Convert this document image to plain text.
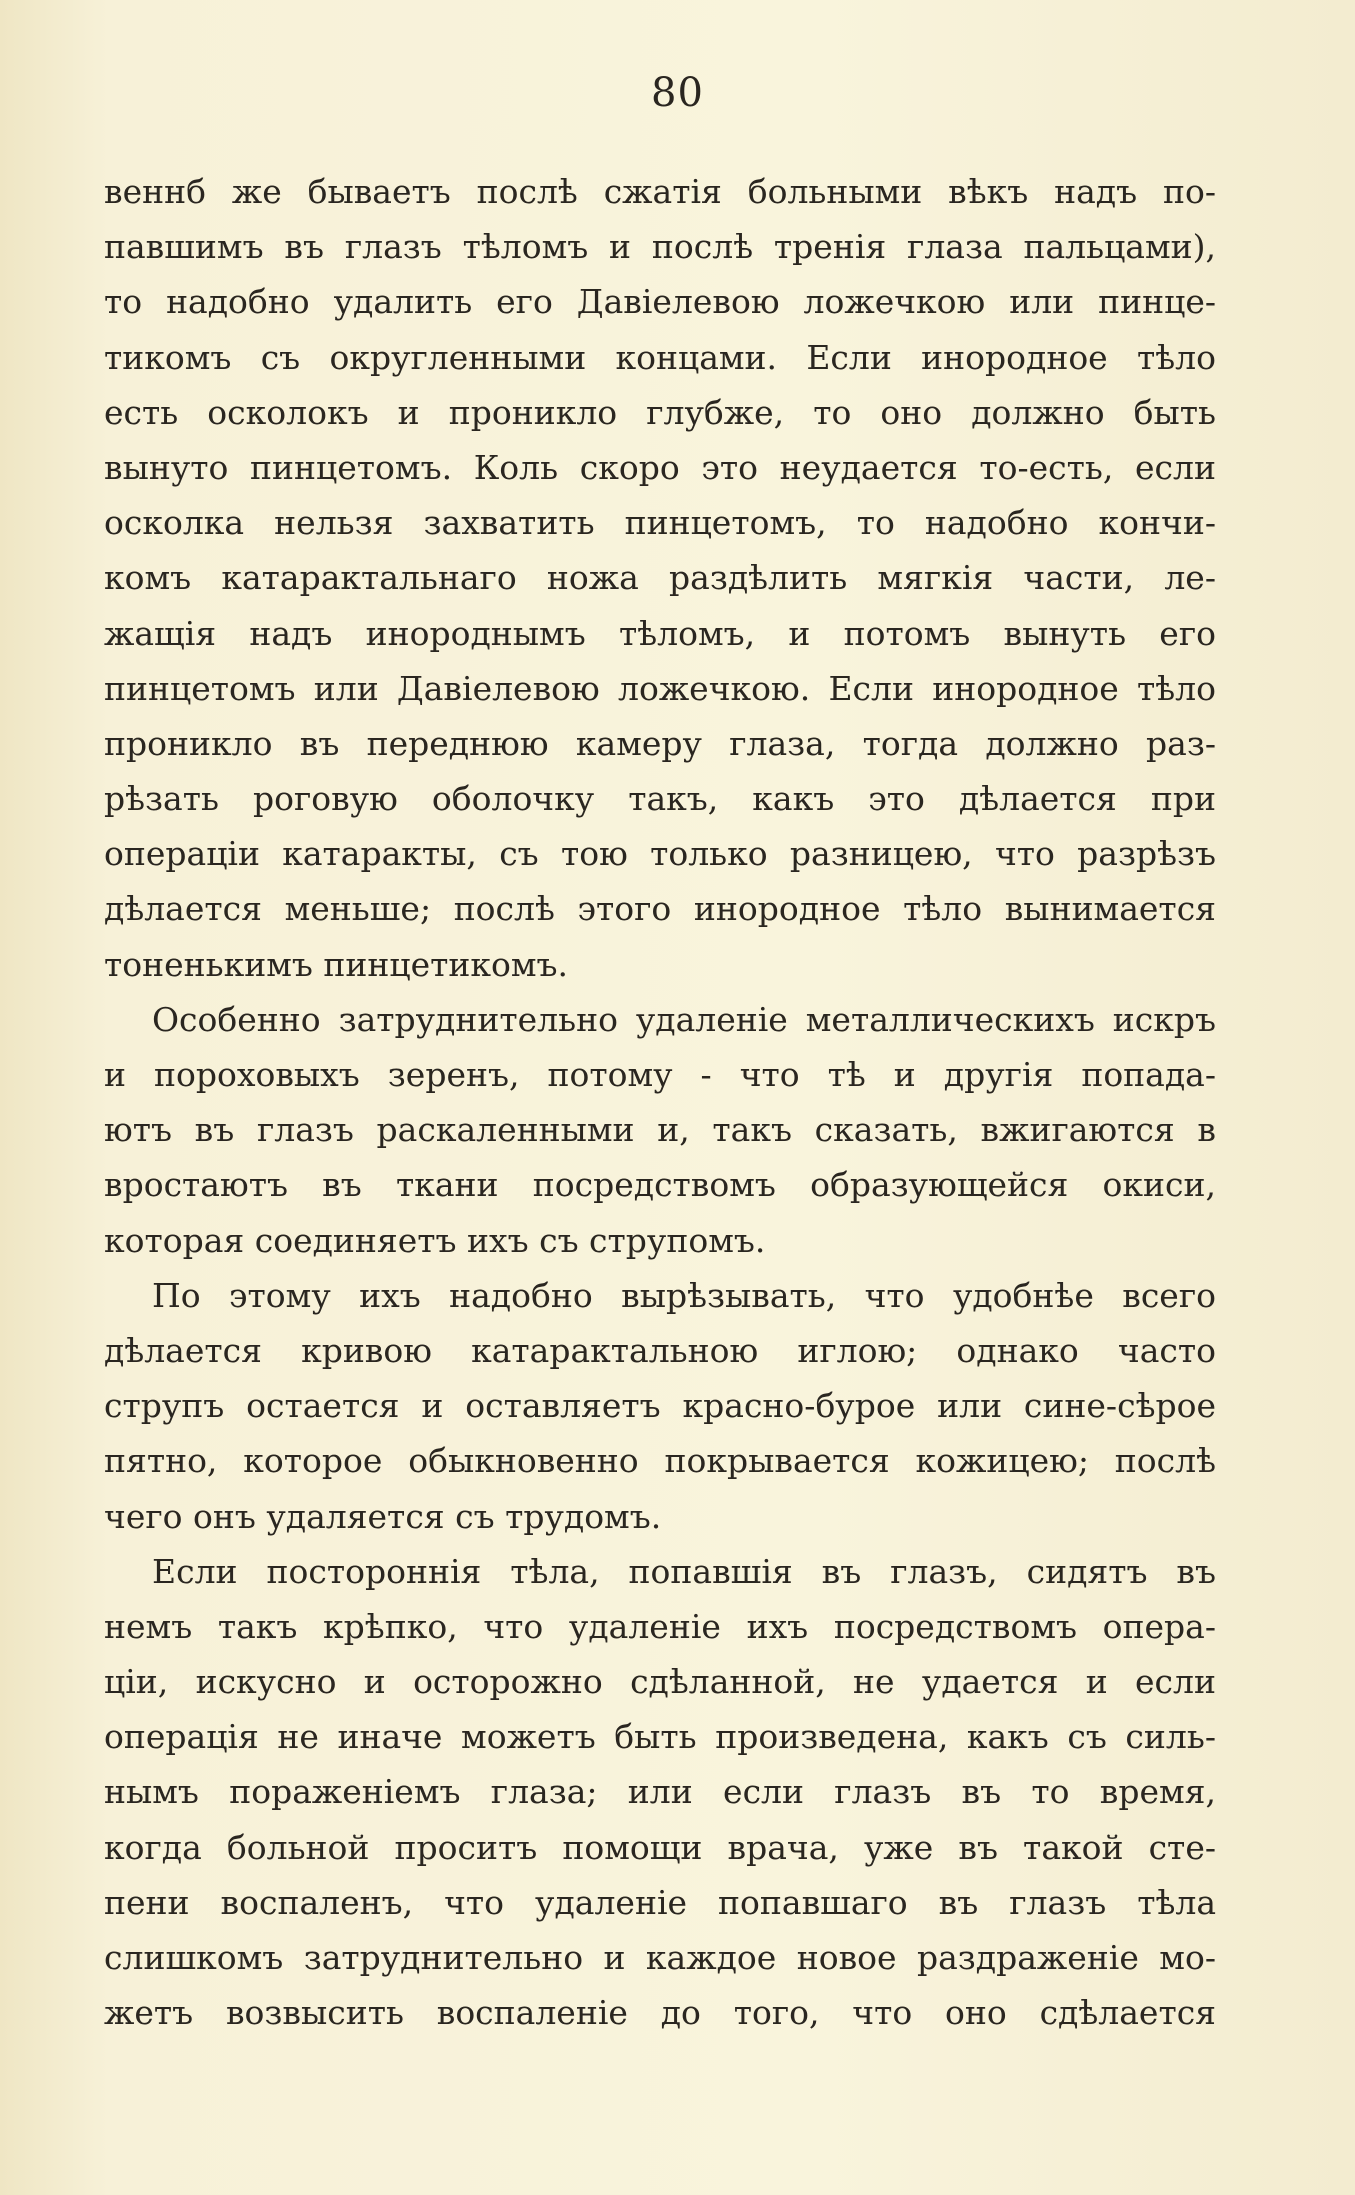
80
веннб же бываетъ послѣ сжатія больными вѣкъ надъ по-
павшимъ въ глазъ тѣломъ и послѣ тренія глаза пальцами),
то надобно удалить его Давіелевою ложечкою или пинце-
тикомъ съ округленными концами. Если инородное тѣло
есть осколокъ и проникло глубже, то оно должно быть
вынуто пинцетомъ. Коль скоро это неудается то-есть, если
осколка нельзя захватить пинцетомъ, то надобно кончи-
комъ катарактальнаго ножа раздѣлить мягкія части, ле-
жащія надъ инороднымъ тѣломъ, и потомъ вынуть его
пинцетомъ или Давіелевою ложечкою. Если инородное тѣло
проникло въ переднюю камеру глаза, тогда должно раз-
рѣзать роговую оболочку такъ, какъ это дѣлается при
операціи катаракты, съ тою только разницею, что разрѣзъ
дѣлается меньше; послѣ этого инородное тѣло вынимается
тоненькимъ пинцетикомъ.
Особенно затруднительно удаленіе металлическихъ искръ
и пороховыхъ зеренъ, потому - что тѣ и другія попада-
ютъ въ глазъ раскаленными и, такъ сказать, вжигаются в
вростаютъ въ ткани посредствомъ образующейся окиси,
которая соединяетъ ихъ съ струпомъ.
По этому ихъ надобно вырѣзывать, что удобнѣе всего
дѣлается кривою катарактальною иглою; однако часто
струпъ остается и оставляетъ красно-бурое или сине-сѣрое
пятно, которое обыкновенно покрывается кожицею; послѣ
чего онъ удаляется съ трудомъ.
Если постороннія тѣла, попавшія въ глазъ, сидятъ въ
немъ такъ крѣпко, что удаленіе ихъ посредствомъ опера-
ціи, искусно и осторожно сдѣланной, не удается и если
операція не иначе можетъ быть произведена, какъ съ силь-
нымъ пораженіемъ глаза; или если глазъ въ то время,
когда больной проситъ помощи врача, уже въ такой сте-
пени воспаленъ, что удаленіе попавшаго въ глазъ тѣла
слишкомъ затруднительно и каждое новое раздраженіе мо-
жетъ возвысить воспаленіе до того, что оно сдѣлается
